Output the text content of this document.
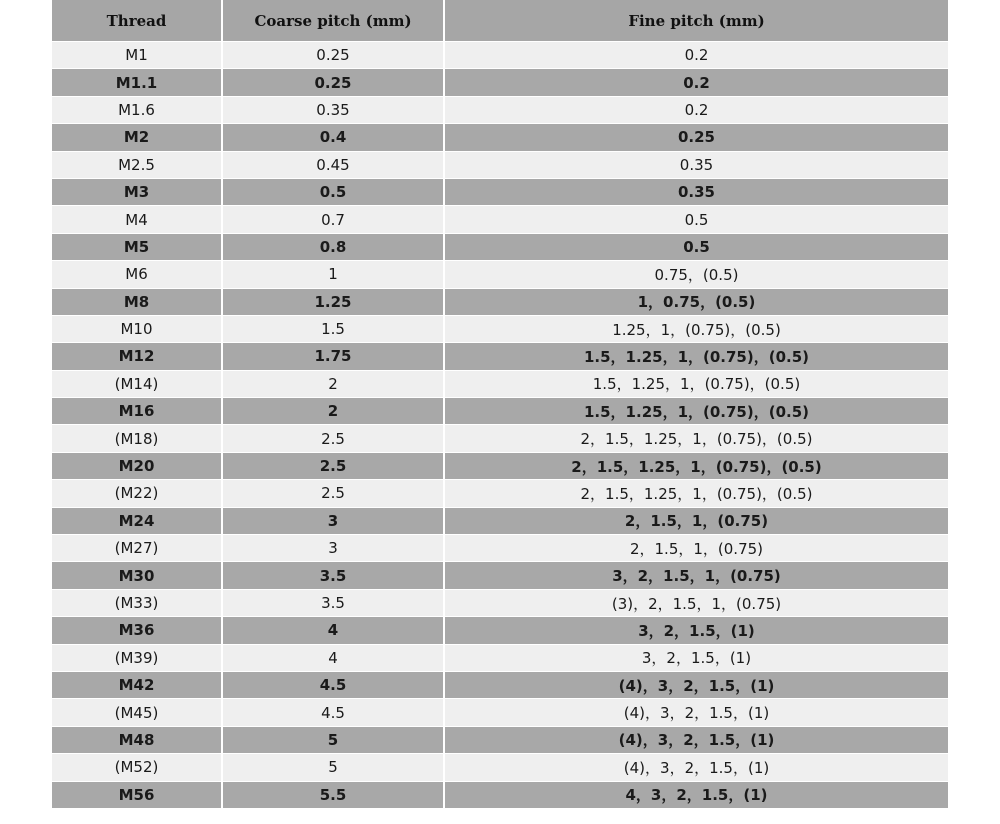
Thread	Coarse pitch (mm)	Fine pitch (mm)
M1	0.25	0.2
M1.1	0.25	0.2
M1.6	0.35	0.2
M2	0.4	0.25
M2.5	0.45	0.35
M3	0.5	0.35
M4	0.7	0.5
M5	0.8	0.5
M6	1	0.75，(0.5)
M8	1.25	1，0.75，(0.5)
M10	1.5	1.25，1，(0.75)，(0.5)
M12	1.75	1.5，1.25，1，(0.75)，(0.5)
(M14)	2	1.5，1.25，1，(0.75)，(0.5)
M16	2	1.5，1.25，1，(0.75)，(0.5)
(M18)	2.5	2，1.5，1.25，1，(0.75)，(0.5)
M20	2.5	2，1.5，1.25，1，(0.75)，(0.5)
(M22)	2.5	2，1.5，1.25，1，(0.75)，(0.5)
M24	3	2，1.5，1，(0.75)
(M27)	3	2，1.5，1，(0.75)
M30	3.5	3，2，1.5，1，(0.75)
(M33)	3.5	(3)，2，1.5，1，(0.75)
M36	4	3，2，1.5，(1)
(M39)	4	3，2，1.5，(1)
M42	4.5	(4)，3，2，1.5，(1)
(M45)	4.5	(4)，3，2，1.5，(1)
M48	5	(4)，3，2，1.5，(1)
(M52)	5	(4)，3，2，1.5，(1)
M56	5.5	4，3，2，1.5，(1)
